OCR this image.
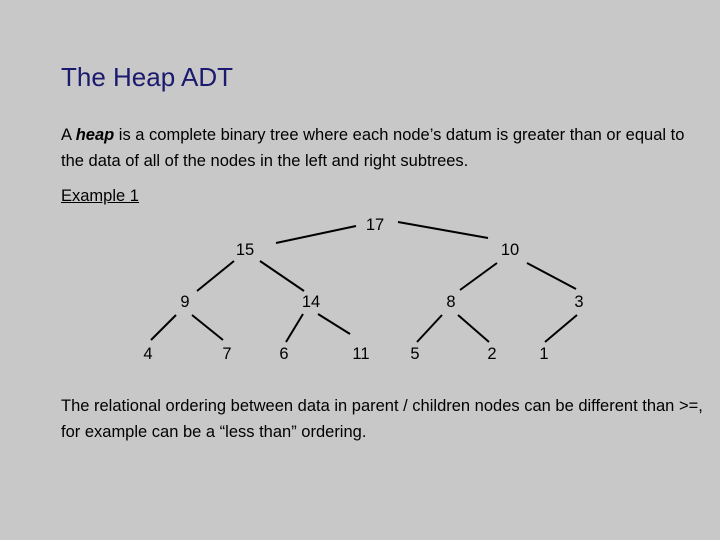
The Heap ADT
A heap is a complete binary tree where each node’s datum is greater than or equal to the data of all of the nodes in the left and right subtrees.
Example 1
17
15	10
9	14	8	3
4	7	6	11 5	2	1
The relational ordering between data in parent / children nodes can be different than >=, for example can be a “less than” ordering.
